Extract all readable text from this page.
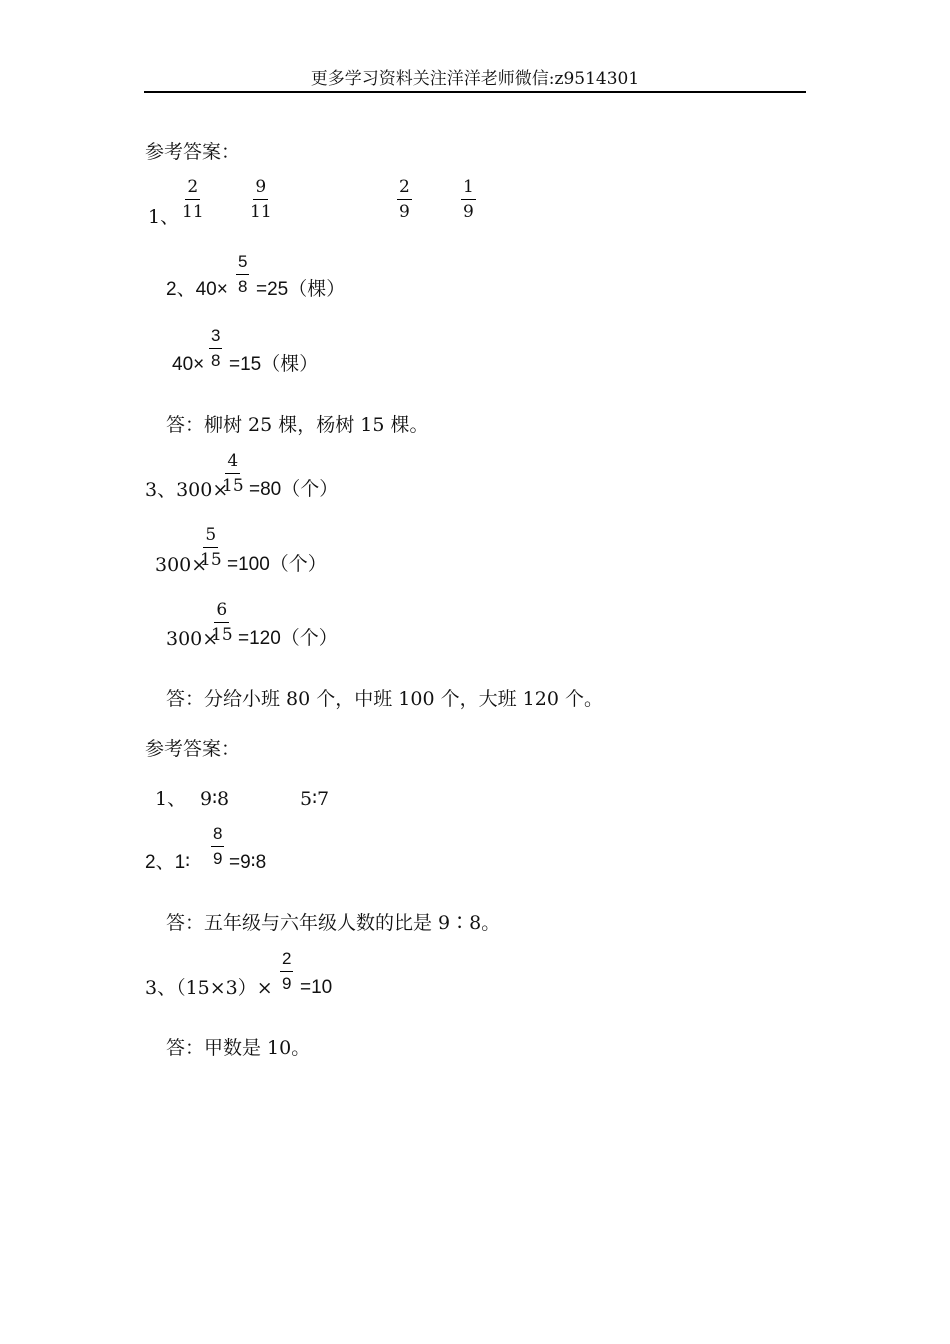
更多学习资料关注洋洋老师微信:z9514301
参考答案：
1、 $\frac{2}{11}$	$\frac{9}{11}$	$\frac{2}{9}$	$\frac{1}{9}$
2、$40\times \frac{5}{8} =25$（棵）
$40\times \frac{3}{8} =15$（棵）
答：柳树 25 棵，杨树 15 棵。
3、300×
$\frac{4}{15} =80$（个）
300×
$\frac{5}{15} =100$（个）
300×
$\frac{6}{15} =120$（个）
答：分给小班 80 个，中班 100 个，大班 120 个。
参考答案：
1、 9∶8	5∶7
2、1∶ $\frac{8}{9}$ =9∶8
答：五年级与六年级人数的比是 9∶8。
3、$(15\times 3)\times \frac{2}{9} =10$
答：甲数是 10。
